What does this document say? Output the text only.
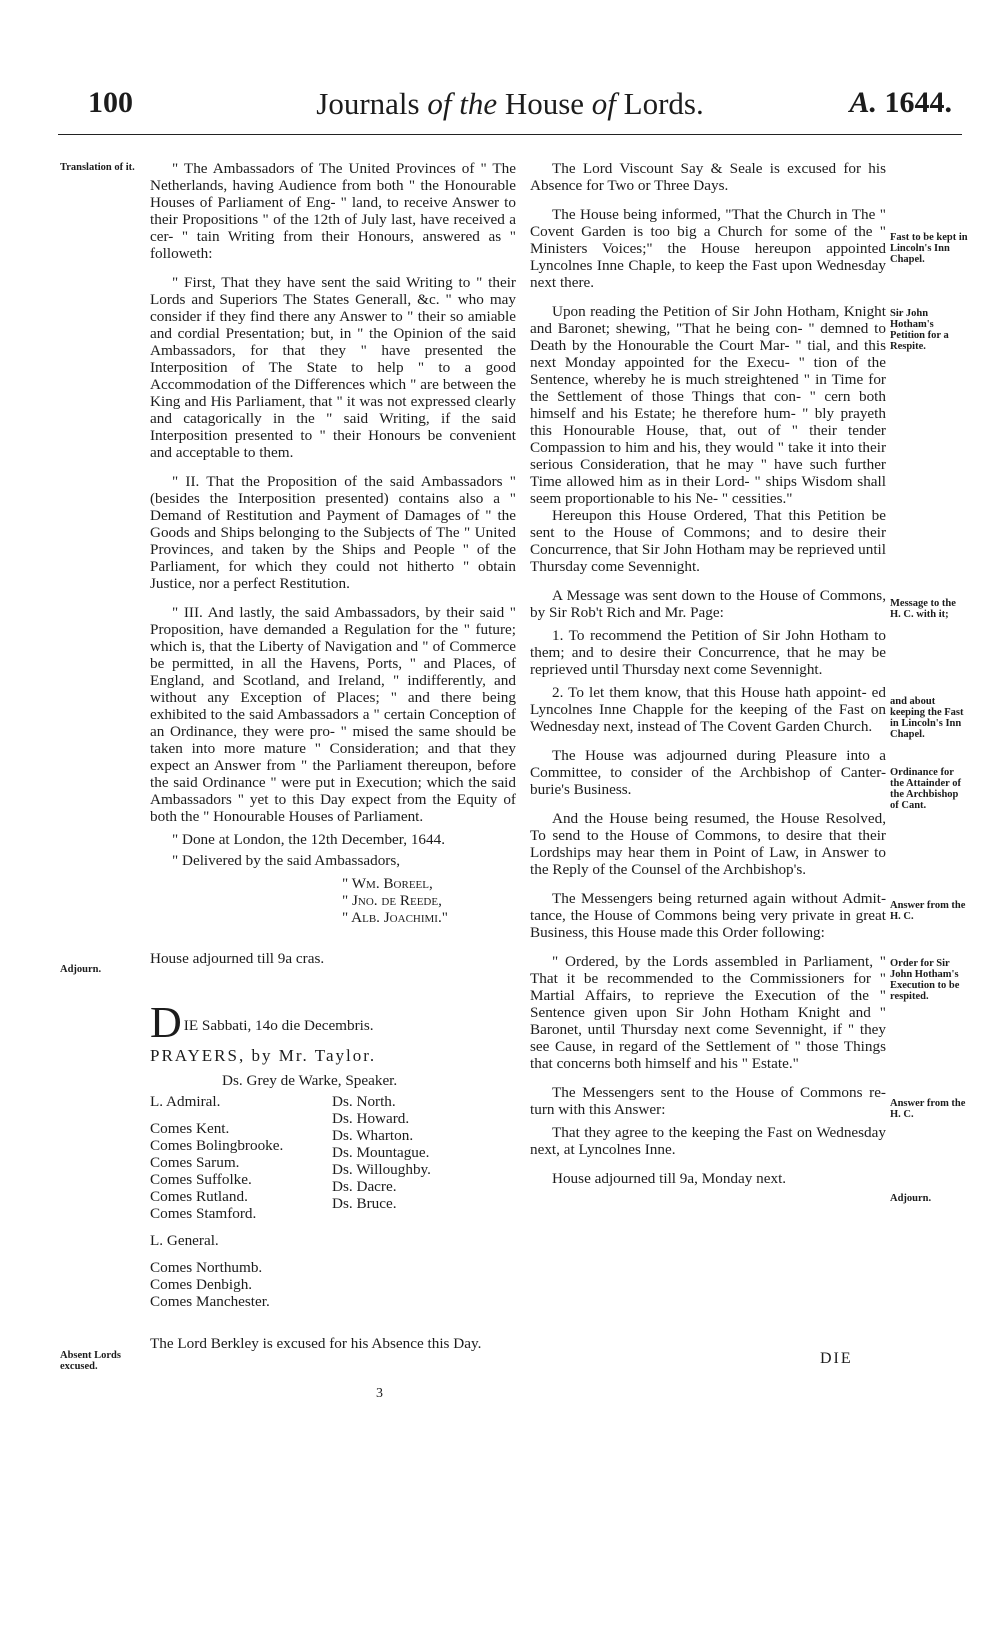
100	Journals of the House of Lords.	A. 1644.
Translation of it.
Adjourn.
Absent Lords excused.
Fast to be kept in Lincoln's Inn Chapel.
Sir John Hotham's Petition for a Respite.
Message to the H. C. with it;
and about keeping the Fast in Lincoln's Inn Chapel.
Ordinance for the Attainder of the Archbishop of Cant.
Answer from the H. C.
Order for Sir John Hotham's Execution to be respited.
Answer from the H. C.
Adjourn.

" The Ambassadors of The United Provinces of " The Netherlands, having Audience from both " the Honourable Houses of Parliament of Eng- " land, to receive Answer to their Propositions " of the 12th of July last, have received a cer- " tain Writing from their Honours, answered as " followeth:

" First, That they have sent the said Writing to " their Lords and Superiors The States Generall, &c. " who may consider if they find there any Answer to " their so amiable and cordial Presentation; but, in " the Opinion of the said Ambassadors, for that they " have presented the Interposition of The State to help " to a good Accommodation of the Differences which " are between the King and His Parliament, that " it was not expressed clearly and catagorically in the " said Writing, if the said Interposition presented to " their Honours be convenient and acceptable to them.

" II. That the Proposition of the said Ambassadors " (besides the Interposition presented) contains also a " Demand of Restitution and Payment of Damages of " the Goods and Ships belonging to the Subjects of The " United Provinces, and taken by the Ships and People " of the Parliament, for which they could not hitherto " obtain Justice, nor a perfect Restitution.

" III. And lastly, the said Ambassadors, by their said " Proposition, have demanded a Regulation for the " future; which is, that the Liberty of Navigation and " of Commerce be permitted, in all the Havens, Ports, " and Places, of England, and Scotland, and Ireland, " indifferently, and without any Exception of Places; " and there being exhibited to the said Ambassadors a " certain Conception of an Ordinance, they were pro- " mised the same should be taken into more mature " Consideration; and that they expect an Answer from " the Parliament thereupon, before the said Ordinance " were put in Execution; which the said Ambassadors " yet to this Day expect from the Equity of both the " Honourable Houses of Parliament.

" Done at London, the 12th December, 1644.

" Delivered by the said Ambassadors,

" Wm. Boreel,

" Jno. de Reede,

" Alb. Joachimi."

House adjourned till 9a cras.

D IE Sabbati, 14o die Decembris.

PRAYERS, by Mr. Taylor.

Ds. Grey de Warke, Speaker.

L. Admiral.
Comes Kent.
Comes Bolingbrooke.
Comes Sarum.
Comes Suffolke.
Comes Rutland.
Comes Stamford.
L. General.
Comes Northumb.
Comes Denbigh.
Comes Manchester.
Ds. North.
Ds. Howard.
Ds. Wharton.
Ds. Mountague.
Ds. Willoughby.
Ds. Dacre.
Ds. Bruce.

The Lord Berkley is excused for his Absence this Day.

3

The Lord Viscount Say & Seale is excused for his Absence for Two or Three Days.

The House being informed, "That the Church in The " Covent Garden is too big a Church for some of the " Ministers Voices;" the House hereupon appointed Lyncolnes Inne Chaple, to keep the Fast upon Wednesday next there.

Upon reading the Petition of Sir John Hotham, Knight and Baronet; shewing, "That he being con- " demned to Death by the Honourable the Court Mar- " tial, and this next Monday appointed for the Execu- " tion of the Sentence, whereby he is much streightened " in Time for the Settlement of those Things that con- " cern both himself and his Estate; he therefore hum- " bly prayeth this Honourable House, that, out of " their tender Compassion to him and his, they would " take it into their serious Consideration, that he may " have such further Time allowed him as in their Lord- " ships Wisdom shall seem proportionable to his Ne- " cessities."

Hereupon this House Ordered, That this Petition be sent to the House of Commons; and to desire their Concurrence, that Sir John Hotham may be reprieved until Thursday come Sevennight.

A Message was sent down to the House of Commons, by Sir Rob't Rich and Mr. Page:

1. To recommend the Petition of Sir John Hotham to them; and to desire their Concurrence, that he may be reprieved until Thursday next come Sevennight.

2. To let them know, that this House hath appoint- ed Lyncolnes Inne Chapple for the keeping of the Fast on Wednesday next, instead of The Covent Garden Church.

The House was adjourned during Pleasure into a Committee, to consider of the Archbishop of Canter- burie's Business.

And the House being resumed, the House Resolved, To send to the House of Commons, to desire that their Lordships may hear them in Point of Law, in Answer to the Reply of the Counsel of the Archbishop's.

The Messengers being returned again without Admit- tance, the House of Commons being very private in great Business, this House made this Order following:

" Ordered, by the Lords assembled in Parliament, " That it be recommended to the Commissioners for " Martial Affairs, to reprieve the Execution of the " Sentence given upon Sir John Hotham Knight and " Baronet, until Thursday next come Sevennight, if " they see Cause, in regard of the Settlement of " those Things that concerns both himself and his " Estate."

The Messengers sent to the House of Commons re- turn with this Answer:

That they agree to the keeping the Fast on Wednesday next, at Lyncolnes Inne.

House adjourned till 9a, Monday next.

DIE
